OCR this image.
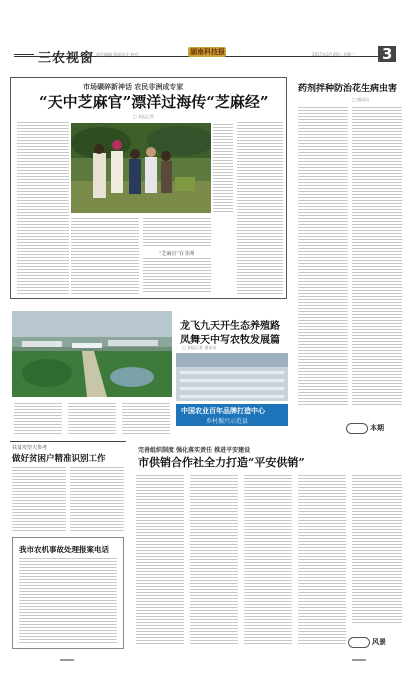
三农视窗 责任编辑 版面设计 校对	湖南科技报	2017年3月29日 星期三 3
市场碾碎新神话 农民非洲成专家
“天中芝麻官”漂洋过海传“芝麻经”
□ 本报记者
“芝麻官”在非洲
药剂拌种防治花生病虫害
□ 通讯员
本期
龙飞九天开生态养殖路
凤舞天中写农牧发展篇
□ 本报记者 通讯员
中国农业百年品牌打造中心
乡村振兴示范县
扶贫攻坚大参考
做好贫困户精准识别工作
我市农机事故处理报案电话
完善组织制度 强化落实责任 推进平安建设
市供销合作社全力打造“平安供销”
风景
